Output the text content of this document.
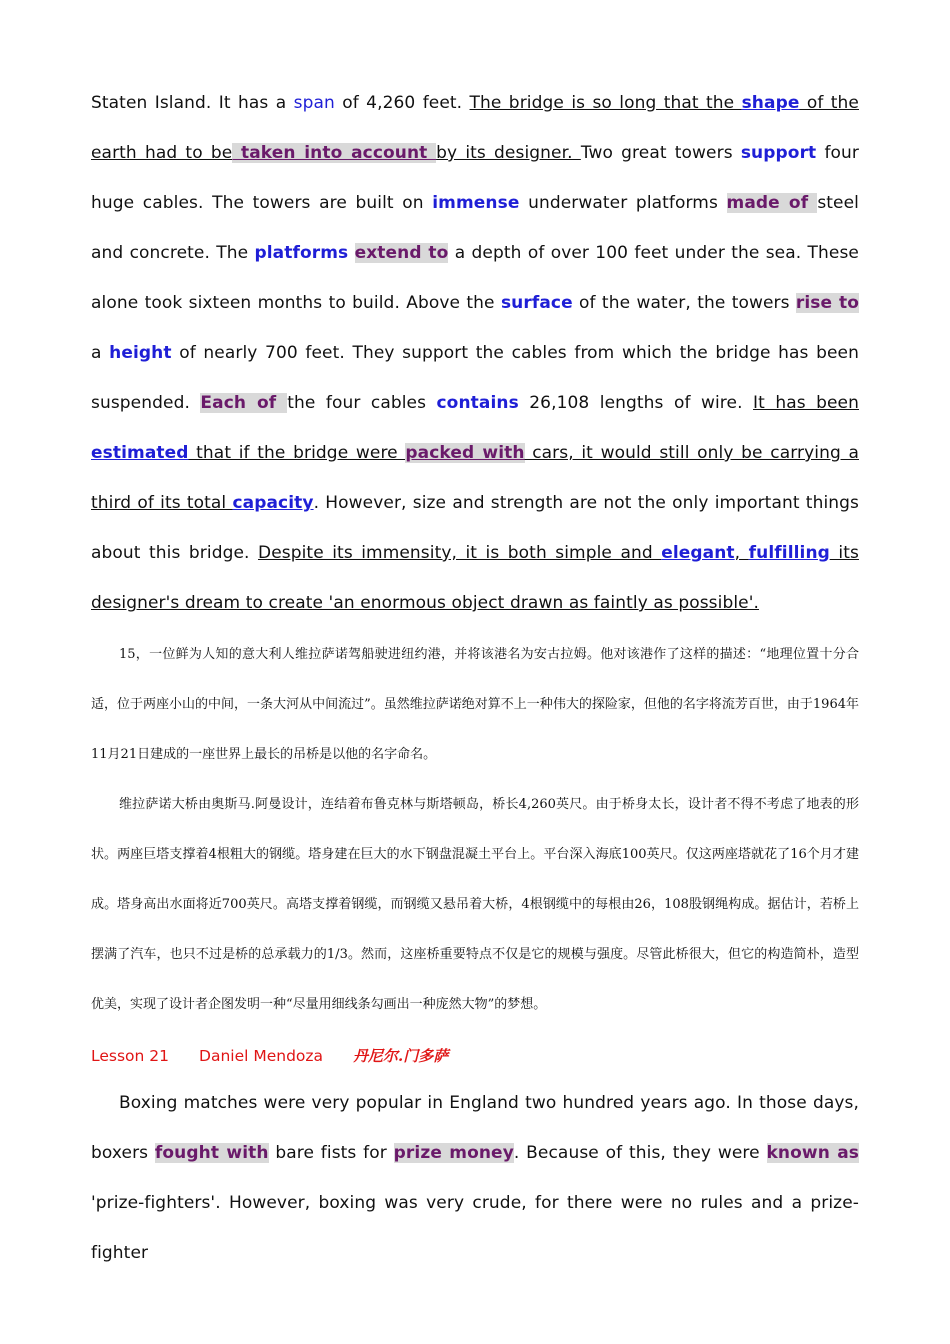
Staten Island. It has a span of 4,260 feet. The bridge is so long that the shape of the earth had to be taken into account by its designer. Two great towers support four huge cables. The towers are built on immense underwater platforms made of steel and concrete. The platforms extend to a depth of over 100 feet under the sea. These alone took sixteen months to build. Above the surface of the water, the towers rise to a height of nearly 700 feet. They support the cables from which the bridge has been suspended. Each of the four cables contains 26,108 lengths of wire. It has been estimated that if the bridge were packed with cars, it would still only be carrying a third of its total capacity. However, size and strength are not the only important things about this bridge. Despite its immensity, it is both simple and elegant, fulfilling its designer's dream to create 'an enormous object drawn as faintly as possible'.

15，一位鲜为人知的意大利人维拉萨诺驾船驶进纽约港，并将该港名为安古拉姆。他对该港作了这样的描述：“地理位置十分合适，位于两座小山的中间，一条大河从中间流过”。虽然维拉萨诺绝对算不上一种伟大的探险家，但他的名字将流芳百世，由于1964年11月21日建成的一座世界上最长的吊桥是以他的名字命名。

维拉萨诺大桥由奥斯马.阿曼设计，连结着布鲁克林与斯塔顿岛，桥长4,260英尺。由于桥身太长，设计者不得不考虑了地表的形状。两座巨塔支撑着4根粗大的钢缆。塔身建在巨大的水下钢盘混凝土平台上。平台深入海底100英尺。仅这两座塔就花了16个月才建成。塔身高出水面将近700英尺。高塔支撑着钢缆，而钢缆又悬吊着大桥，4根钢缆中的每根由26，108股钢绳构成。据估计，若桥上摆满了汽车，也只不过是桥的总承载力的1/3。然而，这座桥重要特点不仅是它的规模与强度。尽管此桥很大，但它的构造简朴，造型优美，实现了设计者企图发明一种“尽量用细线条勾画出一种庞然大物”的梦想。

Lesson 21 Daniel Mendoza 丹尼尔.门多萨

Boxing matches were very popular in England two hundred years ago. In those days, boxers fought with bare fists for prize money. Because of this, they were known as 'prize-fighters'. However, boxing was very crude, for there were no rules and a prize-fighter
